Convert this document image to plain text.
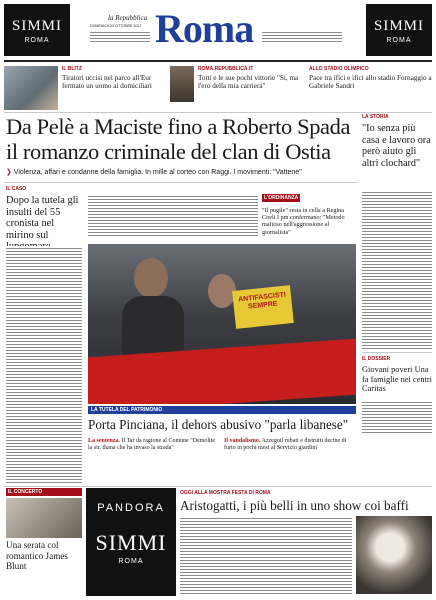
SIMMI
ROMA
SIMMI
ROMA
la Repubblica
DOMENICA 22 OTTOBRE 2017 Roma
IL BLITZ
Tiratori uccisi nel parco all'Eur fermato un uomo ai domiciliari
ROMA.REPUBBLICA.IT
Totti e le sue pochi vittorie "Si, ma l'ero della mia carriera"
ALLO STADIO OLIMPICO
Pace tra ifici e ifici allo stadio Fornaggio a Gabriele Sandri
Da Pelè a Maciste fino a Roberto Spada
il romanzo criminale del clan di Ostia
❯ Violenza, affari e condanne della famiglia. In mille al corteo con Raggi. I movimenti: "Vattene"
LA STORIA
"Io senza più casa e lavoro ora però aiuto gli altri clochard"
IL CASO
Dopo la tutela gli insulti del 55 cronista nel mirino sul
ANTIFASCISTI SEMPRE
L'ORDINANZA
"Il pugile" resta in cella a Regina Coeli I pm confermano: "Metodo mafioso nell'aggressione al giornalista"
IL DOSSIER
Giovani poveri Una fa famiglie nei centri Caritas
LA TUTELA DEL PATRIMONIO
Porta Pinciana, il dehors abusivo "parla libanese"
La sentenza. Il Tar da ragione al Comune "Demolite la sir. thana che ha invaso la strada"
Il vandalismo. Azzeguil rubati e distrutti decine di furto in pochi mesi al Servizio giardini
IL CONCERTO
Una serata col romantico James Blunt
PANDORA
SIMMI
ROMA
OGGI ALLA MOSTRA FESTA DI ROMA
Aristogatti, i più belli in uno show coi baffi
